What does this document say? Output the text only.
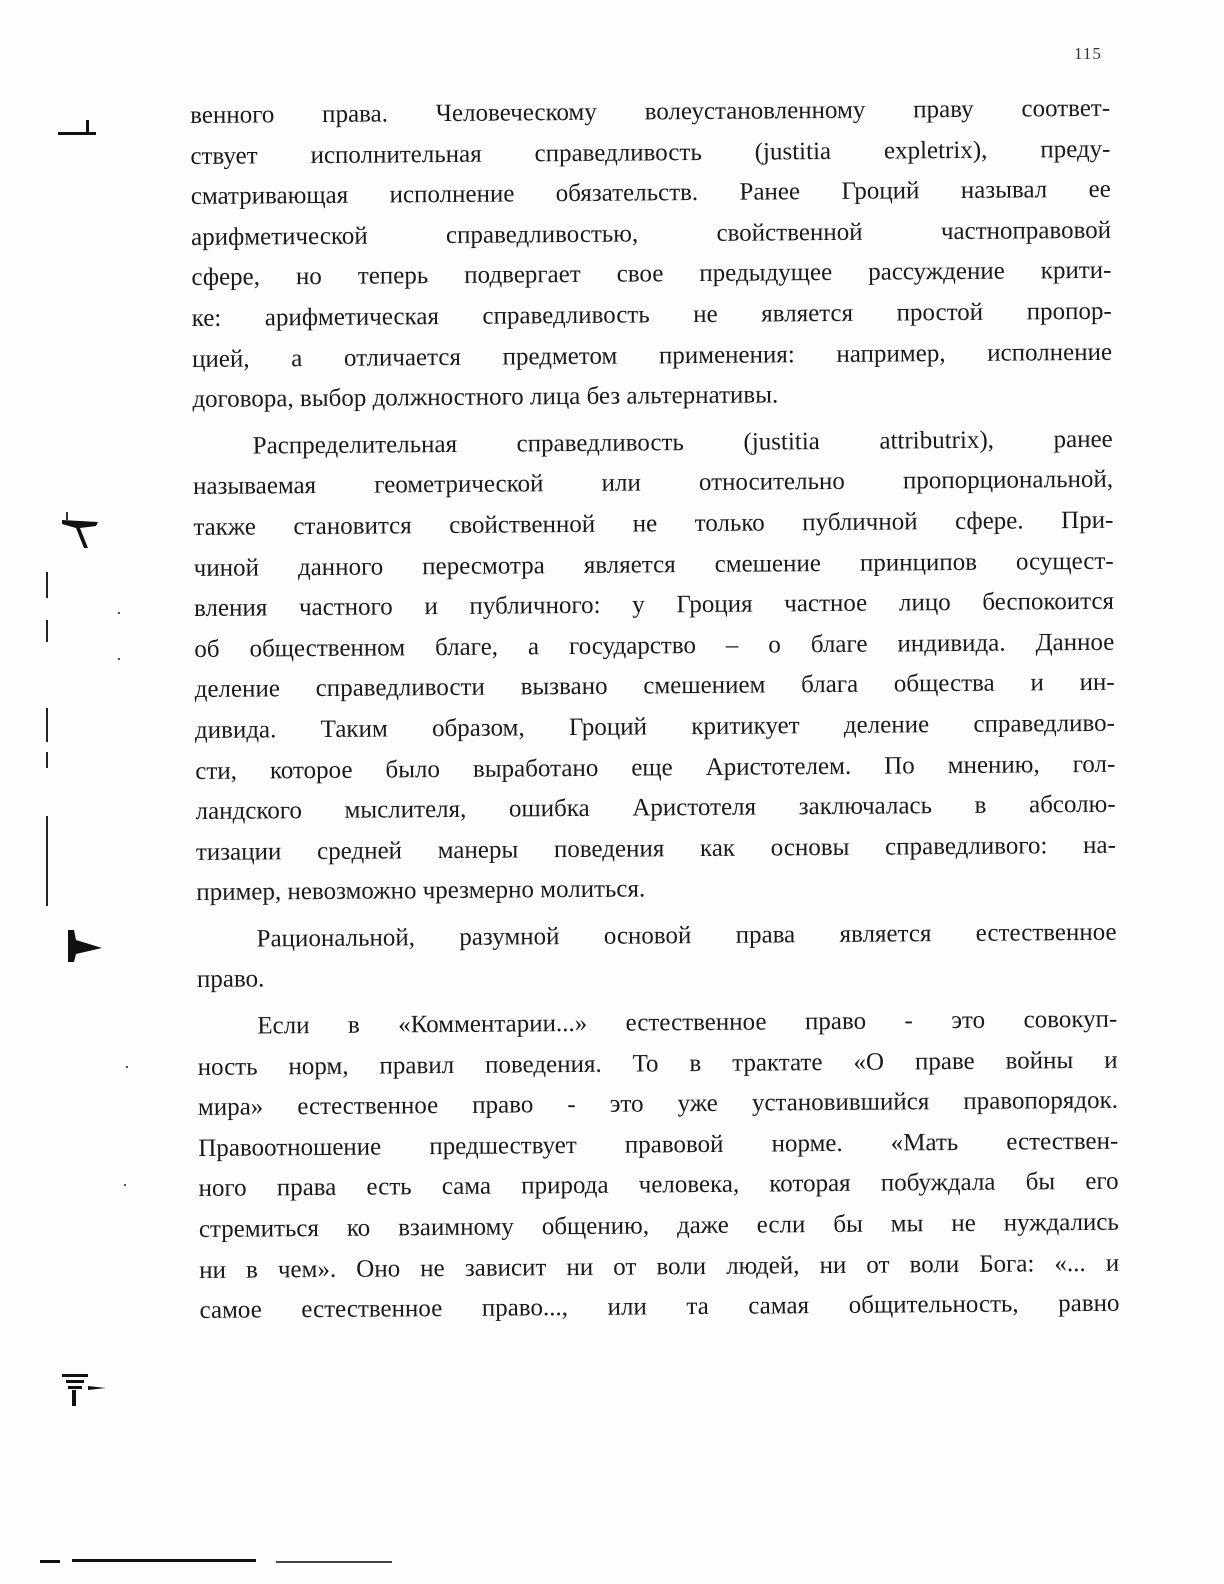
115
венного права. Человеческому волеустановленному праву соответ-
ствует исполнительная справедливость (justitia expletrix), преду-
сматривающая исполнение обязательств. Ранее Гроций называл ее
арифметической справедливостью, свойственной частноправовой
сфере, но теперь подвергает свое предыдущее рассуждение крити-
ке: арифметическая справедливость не является простой пропор-
цией, а отличается предметом применения: например, исполнение
договора, выбор должностного лица без альтернативы.
Распределительная справедливость (justitia attributrix), ранее
называемая геометрической или относительно пропорциональной,
также становится свойственной не только публичной сфере. При-
чиной данного пересмотра является смешение принципов осущест-
вления частного и публичного: у Гроция частное лицо беспокоится
об общественном благе, а государство – о благе индивида. Данное
деление справедливости вызвано смешением блага общества и ин-
дивида. Таким образом, Гроций критикует деление справедливо-
сти, которое было выработано еще Аристотелем. По мнению, гол-
ландского мыслителя, ошибка Аристотеля заключалась в абсолю-
тизации средней манеры поведения как основы справедливого: на-
пример, невозможно чрезмерно молиться.
Рациональной, разумной основой права является естественное
право.
Если в «Комментарии...» естественное право - это совокуп-
ность норм, правил поведения. То в трактате «О праве войны и
мира» естественное право - это уже установившийся правопорядок.
Правоотношение предшествует правовой норме. «Мать естествен-
ного права есть сама природа человека, которая побуждала бы его
стремиться ко взаимному общению, даже если бы мы не нуждались
ни в чем». Оно не зависит ни от воли людей, ни от воли Бога: «... и
самое естественное право..., или та самая общительность, равно
